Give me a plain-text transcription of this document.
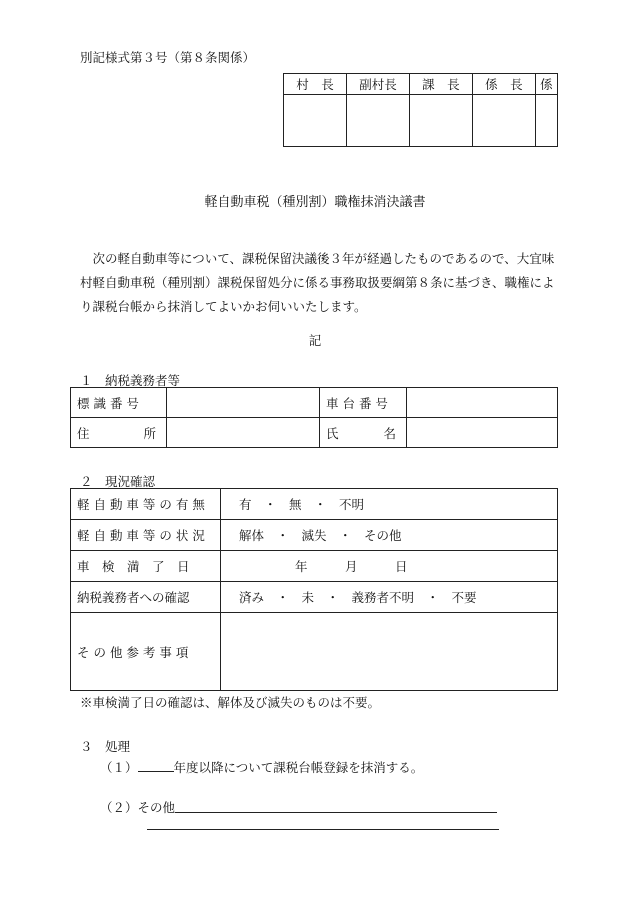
別記様式第３号（第８条関係）
村　長	副村長	課　長	係　長	係

軽自動車税（種別割）職権抹消決議書
次の軽自動車等について、課税保留決議後３年が経過したものであるので、大宜味村軽自動車税（種別割）課税保留処分に係る事務取扱要綱第８条に基づき、職権により課税台帳から抹消してよいかお伺いいたします。
記
１　納税義務者等
標 識 番 号		車 台 番 号	

住 所		氏 名	

２　現況確認
軽 自 動 車 等 の 有 無	有　・　無　・　不明
軽 自 動 車 等 の 状 況	解体　・　滅失　・　その他
車　検　満　了　日	年　　　月　　　日
納税義務者への確認	済み　・　未　・　義務者不明　・　不要
そ の 他 参 考 事 項	
※車検満了日の確認は、解体及び滅失のものは不要。
３　処理
（１）	年度以降について課税台帳登録を抹消する。
（２）その他
